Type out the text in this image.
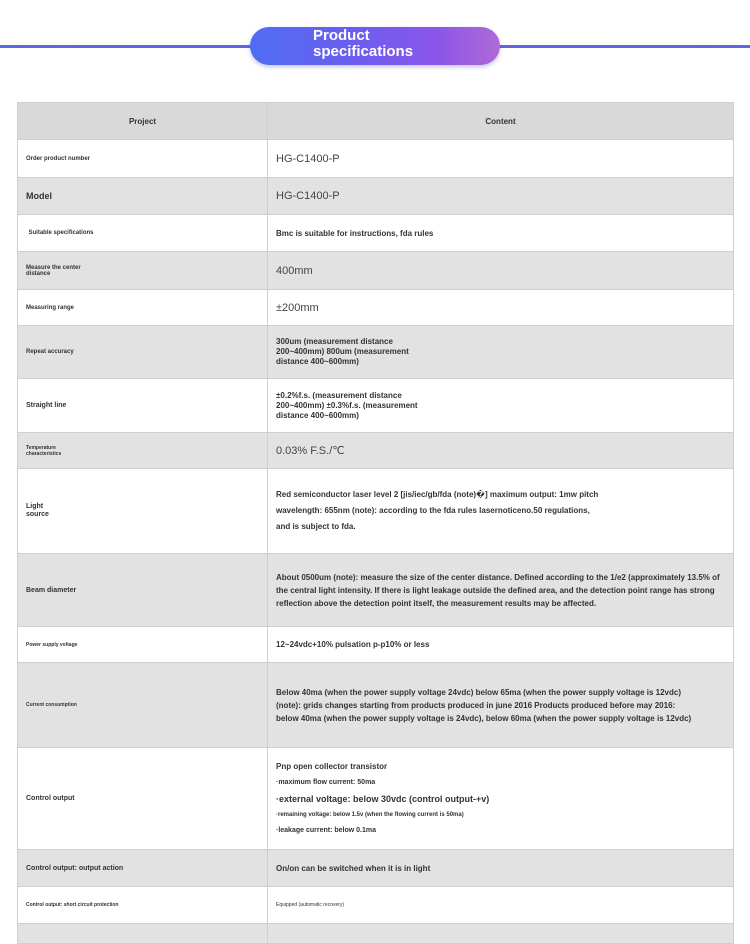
Product
specifications
Project	Content
Order product number	HG-C1400-P
Model	HG-C1400-P

Suitable specifications	Bmc is suitable for instructions, fda rules

Measure the center distance	400mm
Measuring range	±200mm
Repeat accuracy	300um (measurement distance 200~400mm) 800um (measurement distance 400~600mm)

Straight line	±0.2%f.s. (measurement distance 200~400mm) ±0.3%f.s. (measurement distance 400~600mm)

Temperature characteristics	0.03% F.S./℃

Light source	Red semiconductor laser level 2 [jis/iec/gb/fda (note)�] maximum output: 1mw pitch wavelength: 655nm (note): according to the fda rules lasernoticeno.50 regulations, and is subject to fda.

Beam diameter	About 0500um (note): measure the size of the center distance. Defined according to the 1/e2 (approximately 13.5% of the central light intensity. If there is light leakage outside the defined area, and the detection point range has strong reflection above the detection point itself, the measurement results may be affected.
Power supply voltage	12~24vdc+10% pulsation p-p10% or less
Current consumption	Below 40ma (when the power supply voltage 24vdc) below 65ma (when the power supply voltage is 12vdc) (note): grids changes starting from products produced in june 2016 Products produced before may 2016: below 40ma (when the power supply voltage is 24vdc), below 60ma (when the power supply voltage is 12vdc)

Control output	Pnp open collector transistor
·maximum flow current: 50ma
·external voltage: below 30vdc (control output-+v)
·remaining voltage: below 1.5v (when the flowing current is 50ma)
·leakage current: below 0.1ma

Control output: output action	On/on can be switched when it is in light
Control output: short circuit protection	Equipped (automatic recovery)
